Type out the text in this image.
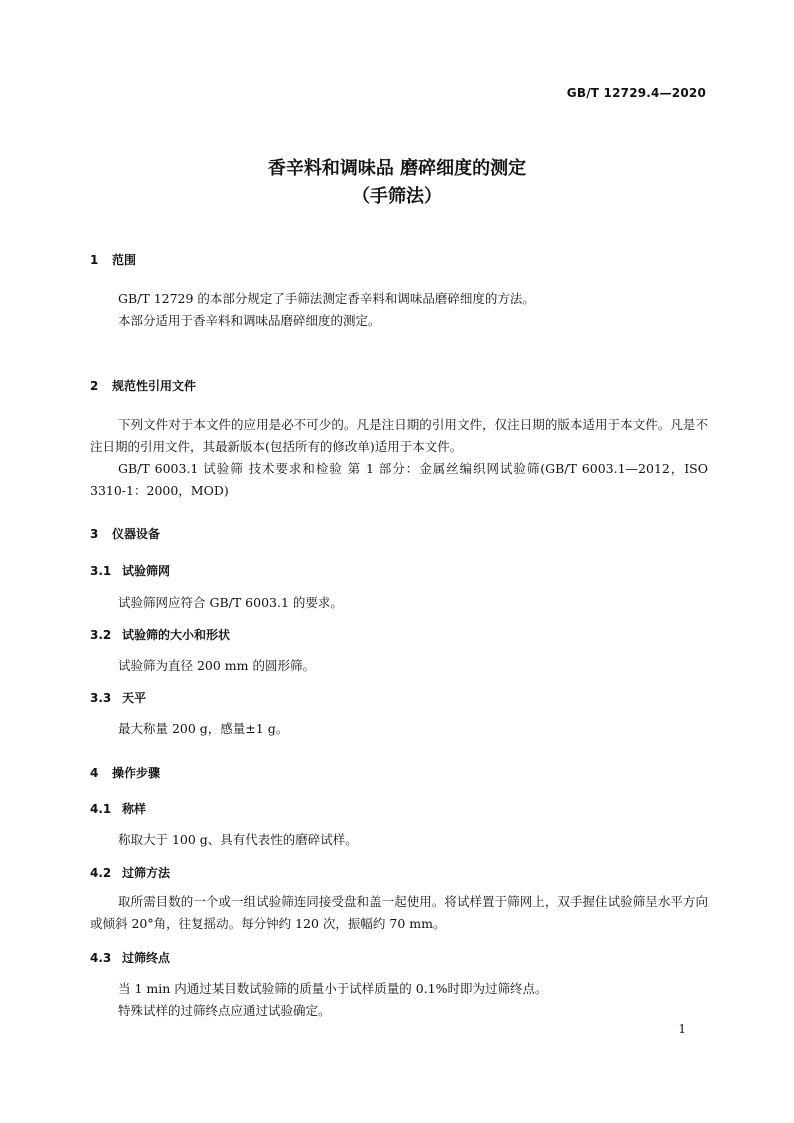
GB/T 12729.4—2020
香辛料和调味品 磨碎细度的测定
（手筛法）
1 范围
GB/T 12729 的本部分规定了手筛法测定香辛料和调味品磨碎细度的方法。
本部分适用于香辛料和调味品磨碎细度的测定。
2 规范性引用文件
下列文件对于本文件的应用是必不可少的。凡是注日期的引用文件，仅注日期的版本适用于本文件。凡是不注日期的引用文件，其最新版本(包括所有的修改单)适用于本文件。
GB/T 6003.1 试验筛 技术要求和检验 第 1 部分：金属丝编织网试验筛(GB/T 6003.1—2012，ISO 3310-1：2000，MOD)
3 仪器设备
3.1 试验筛网
试验筛网应符合 GB/T 6003.1 的要求。
3.2 试验筛的大小和形状
试验筛为直径 200 mm 的圆形筛。
3.3 天平
最大称量 200 g，感量±1 g。
4 操作步骤
4.1 称样
称取大于 100 g、具有代表性的磨碎试样。
4.2 过筛方法
取所需目数的一个或一组试验筛连同接受盘和盖一起使用。将试样置于筛网上，双手握住试验筛呈水平方向或倾斜 20°角，往复摇动。每分钟约 120 次，振幅约 70 mm。
4.3 过筛终点
当 1 min 内通过某目数试验筛的质量小于试样质量的 0.1%时即为过筛终点。
特殊试样的过筛终点应通过试验确定。
1
